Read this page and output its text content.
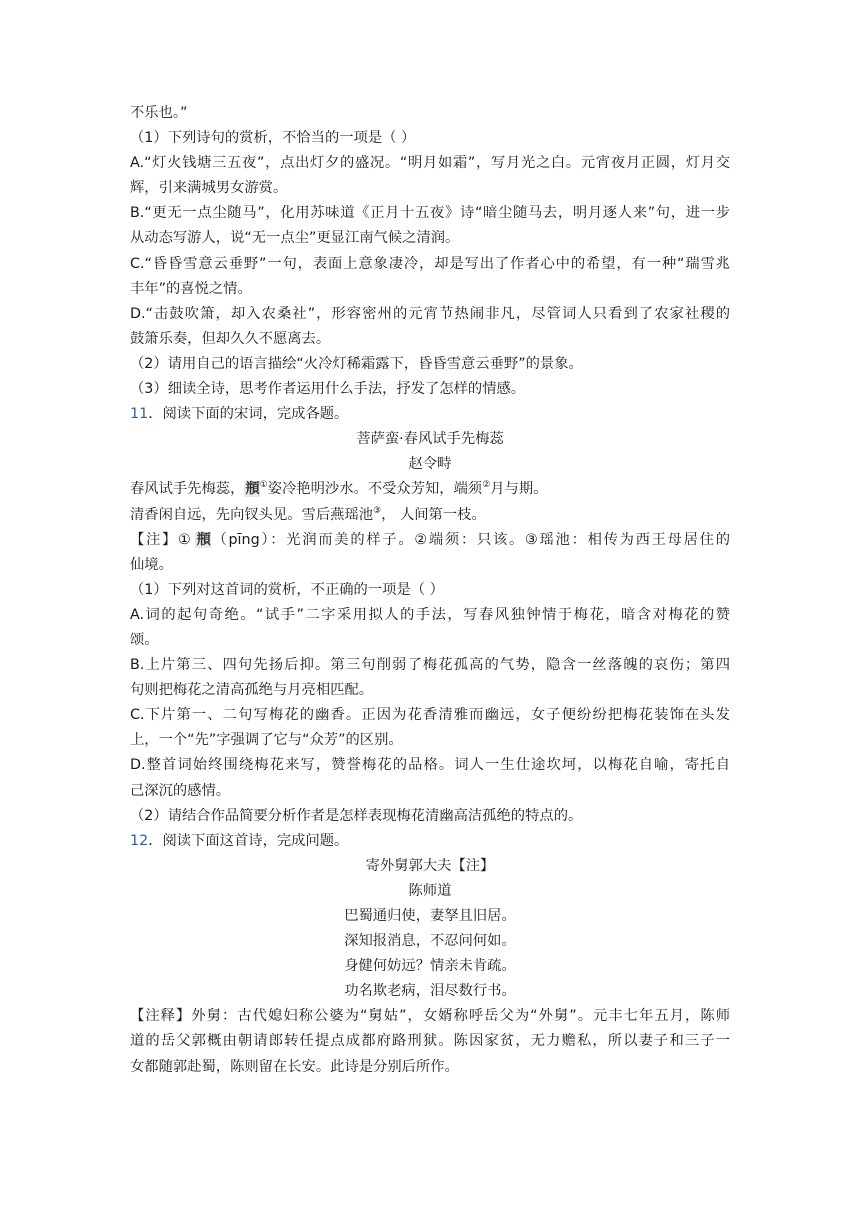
不乐也。”
（1）下列诗句的赏析，不恰当的一项是（ ）
A.“灯火钱塘三五夜”，点出灯夕的盛况。“明月如霜”，写月光之白。元宵夜月正圆，灯月交
辉，引来满城男女游赏。
B.“更无一点尘随马”，化用苏味道《正月十五夜》诗“暗尘随马去，明月逐人来”句，进一步
从动态写游人，说“无一点尘”更显江南气候之清润。
C.“昏昏雪意云垂野”一句，表面上意象凄冷，却是写出了作者心中的希望，有一种“瑞雪兆
丰年”的喜悦之情。
D.“击鼓吹箫，却入农桑社”，形容密州的元宵节热闹非凡，尽管词人只看到了农家社稷的
鼓箫乐奏，但却久久不愿离去。
（2）请用自己的语言描绘“火冷灯稀霜露下，昏昏雪意云垂野”的景象。
（3）细读全诗，思考作者运用什么手法，抒发了怎样的情感。
11．阅读下面的宋词，完成各题。
菩萨蛮·春风试手先梅蕊
赵令畤
春风试手先梅蕊，頩①姿冷艳明沙水。不受众芳知，端须②月与期。
清香闲自远，先向钗头见。雪后燕瑶池③， 人间第一枝。
【注】①  頩（pīng）：光润而美的样子。②端须：只该。③瑶池：相传为西王母居住的
仙境。
（1）下列对这首词的赏析，不正确的一项是（ ）
A.词的起句奇绝。“试手”二字采用拟人的手法，写春风独钟情于梅花，暗含对梅花的赞
颂。
B.上片第三、四句先扬后抑。第三句削弱了梅花孤高的气势，隐含一丝落魄的哀伤；第四
句则把梅花之清高孤绝与月亮相匹配。
C.下片第一、二句写梅花的幽香。正因为花香清雅而幽远，女子便纷纷把梅花装饰在头发
上，一个“先”字强调了它与“众芳”的区别。
D.整首词始终围绕梅花来写，赞誉梅花的品格。词人一生仕途坎坷，以梅花自喻，寄托自
己深沉的感情。
（2）请结合作品简要分析作者是怎样表现梅花清幽高洁孤绝的特点的。
12．阅读下面这首诗，完成问题。
寄外舅郭大夫【注】
陈师道
巴蜀通归使，妻孥且旧居。
深知报消息，不忍问何如。
身健何妨远？情亲未肯疏。
功名欺老病，泪尽数行书。
【注释】外舅：古代媳妇称公婆为“舅姑”，女婿称呼岳父为“外舅”。元丰七年五月，陈师
道的岳父郭概由朝请郎转任提点成都府路刑狱。陈因家贫，无力赡私，所以妻子和三子一
女都随郭赴蜀，陈则留在长安。此诗是分别后所作。
